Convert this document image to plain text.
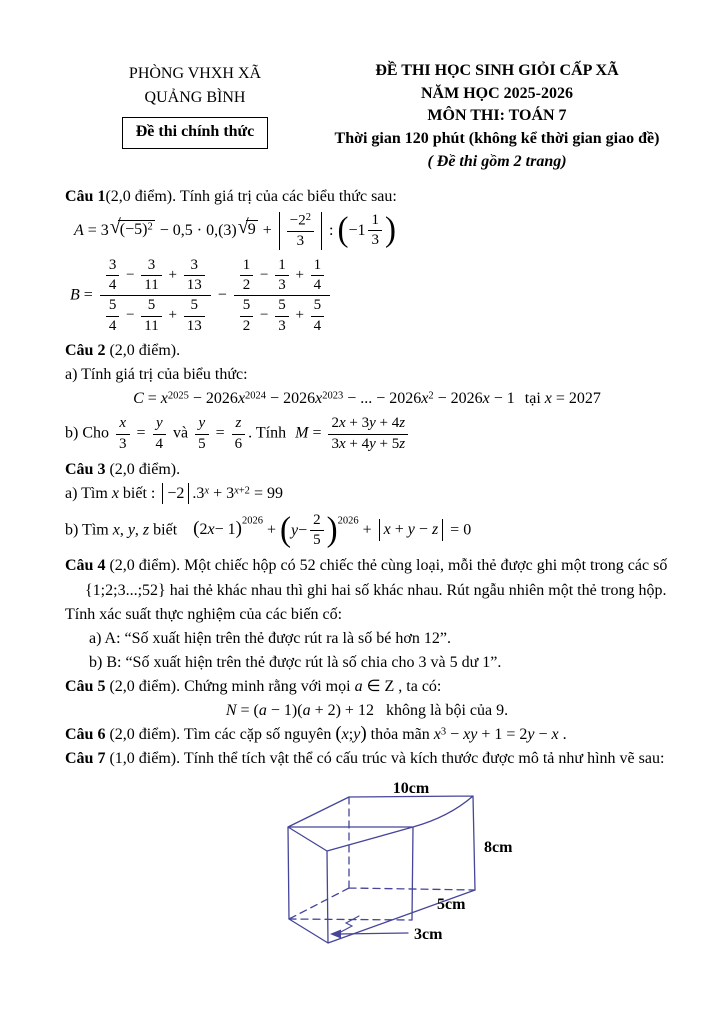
PHÒNG VHXH XÃ
QUẢNG BÌNH
Đề thi chính thức
ĐỀ THI HỌC SINH GIỎI CẤP XÃ
NĂM HỌC 2025-2026
MÔN THI: TOÁN 7
Thời gian 120 phút (không kể thời gian giao đề)
( Đề thi gồm 2 trang)

Câu 1(2,0 điểm). Tính giá trị của các biểu thức sau:

$A = 3√(-5)^2 - 0,5 \cdot 0,(3)√9 + \frac{-2^2}{3}$ : ( −1
1
3 )
$B = \frac{\frac{3}{4} - \frac{3}{11} + \frac{3}{13}}{\frac{5}{4} - \frac{5}{11} + \frac{5}{13}} - \frac{\frac{1}{2} - \frac{1}{3} + \frac{1}{4}}{\frac{5}{2} - \frac{5}{3} + \frac{5}{4}}$

Câu 2 (2,0 điểm).

a) Tính giá trị của biểu thức:

$C = x^{2025} - 2026x^{2024} - 2026x^{2023}$ − ... − $2026x^2 - 2026x - 1$ tại x = 2027
b) Cho $\frac{x}{3} = \frac{y}{4}$ và $\frac{y}{5} = \frac{z}{6}$ . Tính $M = \frac{2x + 3y + 4z}{3x + 4y + 5z}$

Câu 3 (2,0 điểm).

a) Tìm x biết : −2 $.3^x + 3^{x+2} = 99$
b) Tìm x, y, z biết ( 2 x − 1 ) $^{2026}$ + ( $y - \frac{2}{5}$ ) $^{2026}$ + x + y − z = 0

Câu 4 (2,0 điểm). Một chiếc hộp có 52 chiếc thẻ cùng loại, mỗi thẻ được ghi một trong các số

{1;2;3...;52} hai thẻ khác nhau thì ghi hai số khác nhau. Rút ngẫu nhiên một thẻ trong hộp.

Tính xác suất thực nghiệm của các biến cố:

a) A: “Số xuất hiện trên thẻ được rút ra là số bé hơn 12”.

b) B: “Số xuất hiện trên thẻ được rút là số chia cho 3 và 5 dư 1”.

Câu 5 (2,0 điểm). Chứng minh rằng với mọi a ∈ Z , ta có:

N = (a − 1)(a + 2) + 12 không là bội của 9.

Câu 6 (2,0 điểm). Tìm các cặp số nguyên ( x ; y ) thỏa mãn $x^3$ − xy + 1 = 2y − x .

Câu 7 (1,0 điểm). Tính thể tích vật thể có cấu trúc và kích thước được mô tả như hình vẽ sau:

10cm
8cm
5cm
3cm
